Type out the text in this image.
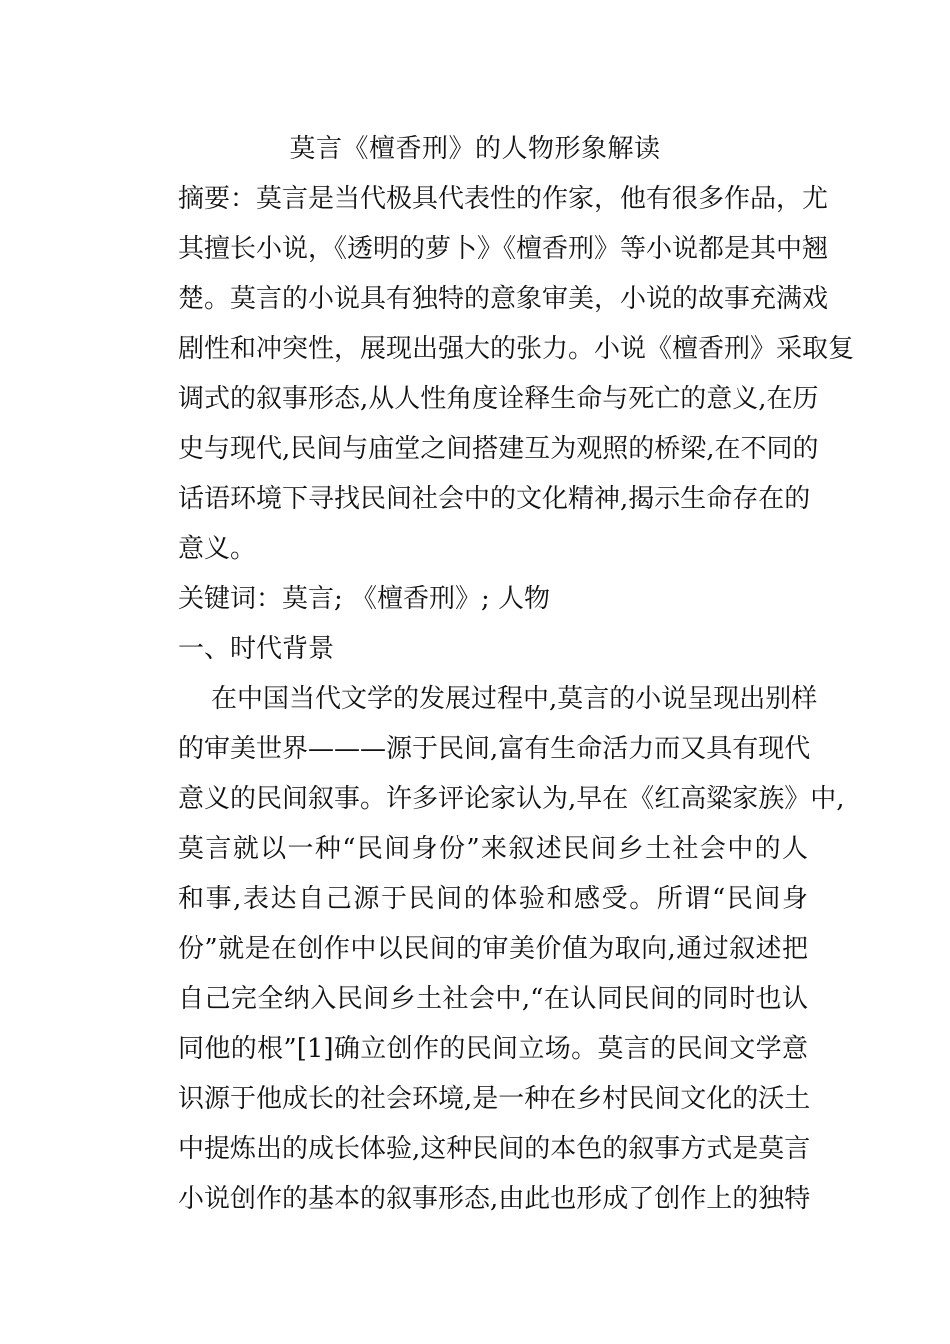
莫言《檀香刑》的人物形象解读
摘要：莫言是当代极具代表性的作家，他有很多作品，尤
其擅长小说，《透明的萝卜》《檀香刑》等小说都是其中翘
楚。莫言的小说具有独特的意象审美，小说的故事充满戏
剧性和冲突性，展现出强大的张力。小说《檀香刑》采取复
调式的叙事形态,从人性角度诠释生命与死亡的意义,在历
史与现代,民间与庙堂之间搭建互为观照的桥梁,在不同的
话语环境下寻找民间社会中的文化精神,揭示生命存在的
意义。
关键词：莫言; 《檀香刑》; 人物
一、时代背景
在中国当代文学的发展过程中,莫言的小说呈现出别样
的审美世界———源于民间,富有生命活力而又具有现代
意义的民间叙事。许多评论家认为,早在《红高粱家族》中,
莫言就以一种“民间身份”来叙述民间乡土社会中的人
和事,表达自己源于民间的体验和感受。所谓“民间身
份”就是在创作中以民间的审美价值为取向,通过叙述把
自己完全纳入民间乡土社会中,“在认同民间的同时也认
同他的根”[1]确立创作的民间立场。莫言的民间文学意
识源于他成长的社会环境,是一种在乡村民间文化的沃土
中提炼出的成长体验,这种民间的本色的叙事方式是莫言
小说创作的基本的叙事形态,由此也形成了创作上的独特
